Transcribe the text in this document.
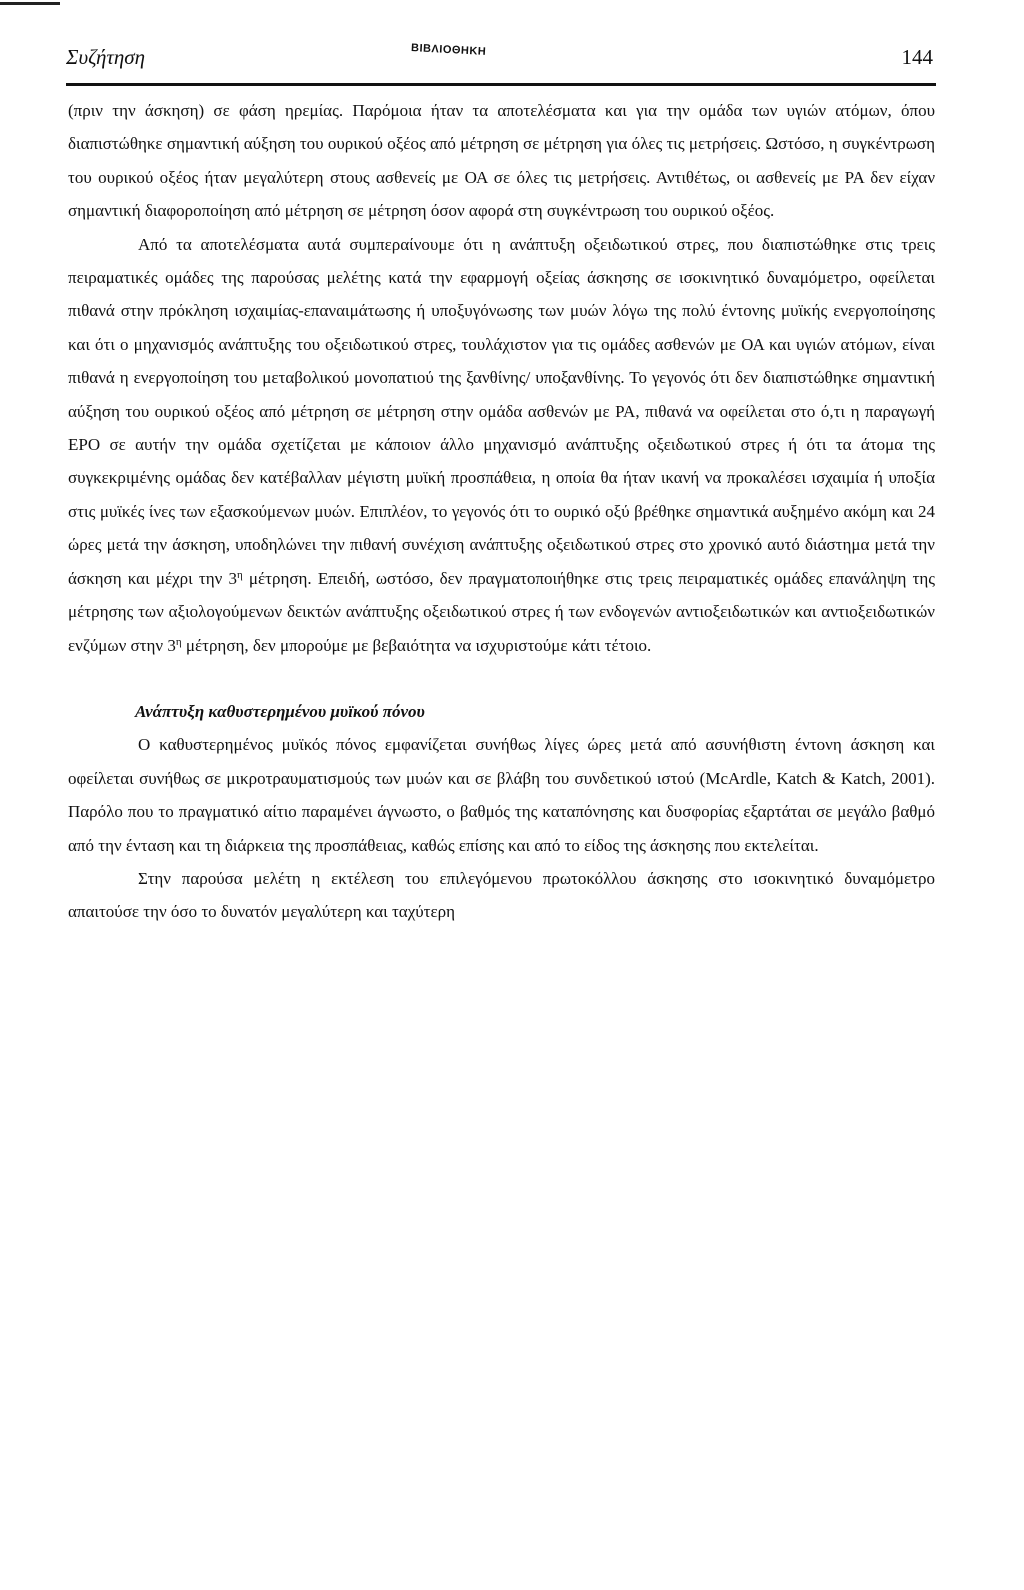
Συζήτηση	ΒΙΒΛΙΟΘΗΚΗ	144

(πριν την άσκηση) σε φάση ηρεμίας. Παρόμοια ήταν τα αποτελέσματα και για την ομάδα των υγιών ατόμων, όπου διαπιστώθηκε σημαντική αύξηση του ουρικού οξέος από μέτρηση σε μέτρηση για όλες τις μετρήσεις. Ωστόσο, η συγκέντρωση του ουρικού οξέος ήταν μεγαλύτερη στους ασθενείς με ΟΑ σε όλες τις μετρήσεις. Αντιθέτως, οι ασθενείς με ΡΑ δεν είχαν σημαντική διαφοροποίηση από μέτρηση σε μέτρηση όσον αφορά στη συγκέντρωση του ουρικού οξέος.

Από τα αποτελέσματα αυτά συμπεραίνουμε ότι η ανάπτυξη οξειδωτικού στρες, που διαπιστώθηκε στις τρεις πειραματικές ομάδες της παρούσας μελέτης κατά την εφαρμογή οξείας άσκησης σε ισοκινητικό δυναμόμετρο, οφείλεται πιθανά στην πρόκληση ισχαιμίας-επαναιμάτωσης ή υποξυγόνωσης των μυών λόγω της πολύ έντονης μυϊκής ενεργοποίησης και ότι ο μηχανισμός ανάπτυξης του οξειδωτικού στρες, τουλάχιστον για τις ομάδες ασθενών με ΟΑ και υγιών ατόμων, είναι πιθανά η ενεργοποίηση του μεταβολικού μονοπατιού της ξανθίνης/ υποξανθίνης. Το γεγονός ότι δεν διαπιστώθηκε σημαντική αύξηση του ουρικού οξέος από μέτρηση σε μέτρηση στην ομάδα ασθενών με ΡΑ, πιθανά να οφείλεται στο ό,τι η παραγωγή ΕΡΟ σε αυτήν την ομάδα σχετίζεται με κάποιον άλλο μηχανισμό ανάπτυξης οξειδωτικού στρες ή ότι τα άτομα της συγκεκριμένης ομάδας δεν κατέβαλλαν μέγιστη μυϊκή προσπάθεια, η οποία θα ήταν ικανή να προκαλέσει ισχαιμία ή υποξία στις μυϊκές ίνες των εξασκούμενων μυών. Επιπλέον, το γεγονός ότι το ουρικό οξύ βρέθηκε σημαντικά αυξημένο ακόμη και 24 ώρες μετά την άσκηση, υποδηλώνει την πιθανή συνέχιση ανάπτυξης οξειδωτικού στρες στο χρονικό αυτό διάστημα μετά την άσκηση και μέχρι την $3^\eta$ μέτρηση. Επειδή, ωστόσο, δεν πραγματοποιήθηκε στις τρεις πειραματικές ομάδες επανάληψη της μέτρησης των αξιολογούμενων δεικτών ανάπτυξης οξειδωτικού στρες ή των ενδογενών αντιοξειδωτικών και αντιοξειδωτικών ενζύμων στην $3^\eta$ μέτρηση, δεν μπορούμε με βεβαιότητα να ισχυριστούμε κάτι τέτοιο.

Ανάπτυξη καθυστερημένου μυϊκού πόνου

Ο καθυστερημένος μυϊκός πόνος εμφανίζεται συνήθως λίγες ώρες μετά από ασυνήθιστη έντονη άσκηση και οφείλεται συνήθως σε μικροτραυματισμούς των μυών και σε βλάβη του συνδετικού ιστού (McArdle, Katch & Katch, 2001). Παρόλο που το πραγματικό αίτιο παραμένει άγνωστο, ο βαθμός της καταπόνησης και δυσφορίας εξαρτάται σε μεγάλο βαθμό από την ένταση και τη διάρκεια της προσπάθειας, καθώς επίσης και από το είδος της άσκησης που εκτελείται.

Στην παρούσα μελέτη η εκτέλεση του επιλεγόμενου πρωτοκόλλου άσκησης στο ισοκινητικό δυναμόμετρο απαιτούσε την όσο το δυνατόν μεγαλύτερη και ταχύτερη
